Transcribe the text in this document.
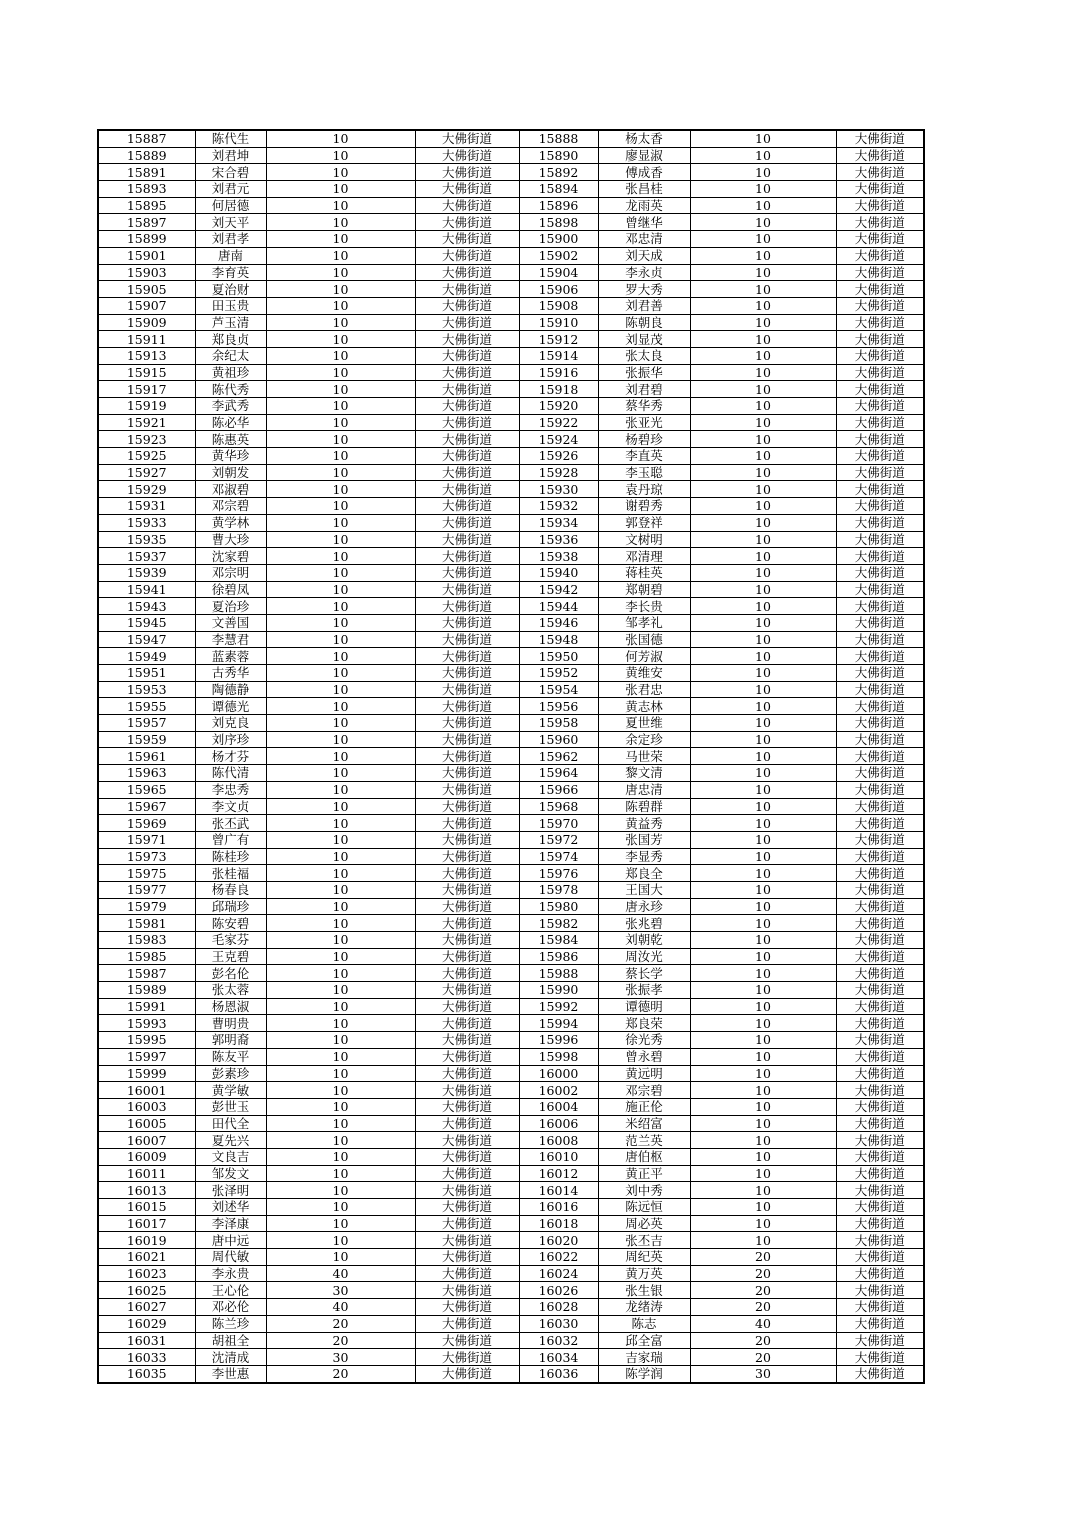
15887	陈代生	10	大佛街道	15888	杨太香	10	大佛街道
15889	刘君坤	10	大佛街道	15890	廖显淑	10	大佛街道
15891	宋合碧	10	大佛街道	15892	傅成香	10	大佛街道
15893	刘君元	10	大佛街道	15894	张昌桂	10	大佛街道
15895	何居德	10	大佛街道	15896	龙雨英	10	大佛街道
15897	刘天平	10	大佛街道	15898	曾继华	10	大佛街道
15899	刘君孝	10	大佛街道	15900	邓忠清	10	大佛街道
15901	唐南	10	大佛街道	15902	刘天成	10	大佛街道
15903	李育英	10	大佛街道	15904	李永贞	10	大佛街道
15905	夏治财	10	大佛街道	15906	罗大秀	10	大佛街道
15907	田玉贵	10	大佛街道	15908	刘君善	10	大佛街道
15909	芦玉清	10	大佛街道	15910	陈朝良	10	大佛街道
15911	郑良贞	10	大佛街道	15912	刘显茂	10	大佛街道
15913	余纪太	10	大佛街道	15914	张太良	10	大佛街道
15915	黄祖珍	10	大佛街道	15916	张振华	10	大佛街道
15917	陈代秀	10	大佛街道	15918	刘君碧	10	大佛街道
15919	李武秀	10	大佛街道	15920	蔡华秀	10	大佛街道
15921	陈必华	10	大佛街道	15922	张亚光	10	大佛街道
15923	陈惠英	10	大佛街道	15924	杨碧珍	10	大佛街道
15925	黄华珍	10	大佛街道	15926	李直英	10	大佛街道
15927	刘朝发	10	大佛街道	15928	李玉聪	10	大佛街道
15929	邓淑碧	10	大佛街道	15930	袁丹琼	10	大佛街道
15931	邓宗碧	10	大佛街道	15932	谢碧秀	10	大佛街道
15933	黄学林	10	大佛街道	15934	郭登祥	10	大佛街道
15935	曹大珍	10	大佛街道	15936	文树明	10	大佛街道
15937	沈家碧	10	大佛街道	15938	邓清理	10	大佛街道
15939	邓宗明	10	大佛街道	15940	蒋桂英	10	大佛街道
15941	徐碧凤	10	大佛街道	15942	郑朝碧	10	大佛街道
15943	夏治珍	10	大佛街道	15944	李长贵	10	大佛街道
15945	文善国	10	大佛街道	15946	邹孝礼	10	大佛街道
15947	李慧君	10	大佛街道	15948	张国德	10	大佛街道
15949	蓝素蓉	10	大佛街道	15950	何芳淑	10	大佛街道
15951	古秀华	10	大佛街道	15952	黄维安	10	大佛街道
15953	陶德静	10	大佛街道	15954	张君忠	10	大佛街道
15955	谭德光	10	大佛街道	15956	黄志林	10	大佛街道
15957	刘克良	10	大佛街道	15958	夏世维	10	大佛街道
15959	刘序珍	10	大佛街道	15960	余定珍	10	大佛街道
15961	杨才芬	10	大佛街道	15962	马世荣	10	大佛街道
15963	陈代清	10	大佛街道	15964	黎文清	10	大佛街道
15965	李忠秀	10	大佛街道	15966	唐忠清	10	大佛街道
15967	李文贞	10	大佛街道	15968	陈碧群	10	大佛街道
15969	张丕武	10	大佛街道	15970	黄益秀	10	大佛街道
15971	曾广有	10	大佛街道	15972	张国芳	10	大佛街道
15973	陈桂珍	10	大佛街道	15974	李显秀	10	大佛街道
15975	张桂福	10	大佛街道	15976	郑良全	10	大佛街道
15977	杨春良	10	大佛街道	15978	王国大	10	大佛街道
15979	邱瑞珍	10	大佛街道	15980	唐永珍	10	大佛街道
15981	陈安碧	10	大佛街道	15982	张兆碧	10	大佛街道
15983	毛家芬	10	大佛街道	15984	刘朝乾	10	大佛街道
15985	王克碧	10	大佛街道	15986	周汝光	10	大佛街道
15987	彭名伦	10	大佛街道	15988	蔡长学	10	大佛街道
15989	张太蓉	10	大佛街道	15990	张振孝	10	大佛街道
15991	杨恩淑	10	大佛街道	15992	谭德明	10	大佛街道
15993	曹明贵	10	大佛街道	15994	郑良荣	10	大佛街道
15995	郭明裔	10	大佛街道	15996	徐光秀	10	大佛街道
15997	陈友平	10	大佛街道	15998	曾永碧	10	大佛街道
15999	彭素珍	10	大佛街道	16000	黄远明	10	大佛街道
16001	黄学敏	10	大佛街道	16002	邓宗碧	10	大佛街道
16003	彭世玉	10	大佛街道	16004	施正伦	10	大佛街道
16005	田代全	10	大佛街道	16006	米绍富	10	大佛街道
16007	夏先兴	10	大佛街道	16008	范兰英	10	大佛街道
16009	文良吉	10	大佛街道	16010	唐伯枢	10	大佛街道
16011	邹发文	10	大佛街道	16012	黄正平	10	大佛街道
16013	张泽明	10	大佛街道	16014	刘中秀	10	大佛街道
16015	刘述华	10	大佛街道	16016	陈远恒	10	大佛街道
16017	李泽康	10	大佛街道	16018	周必英	10	大佛街道
16019	唐中远	10	大佛街道	16020	张丕吉	10	大佛街道
16021	周代敏	10	大佛街道	16022	周纪英	20	大佛街道
16023	李永贵	40	大佛街道	16024	黄万英	20	大佛街道
16025	王心伦	30	大佛街道	16026	张生银	20	大佛街道
16027	邓必伦	40	大佛街道	16028	龙绪涛	20	大佛街道
16029	陈兰珍	20	大佛街道	16030	陈志	40	大佛街道
16031	胡祖全	20	大佛街道	16032	邱全富	20	大佛街道
16033	沈清成	30	大佛街道	16034	吉家瑞	20	大佛街道
16035	李世惠	20	大佛街道	16036	陈学润	30	大佛街道
